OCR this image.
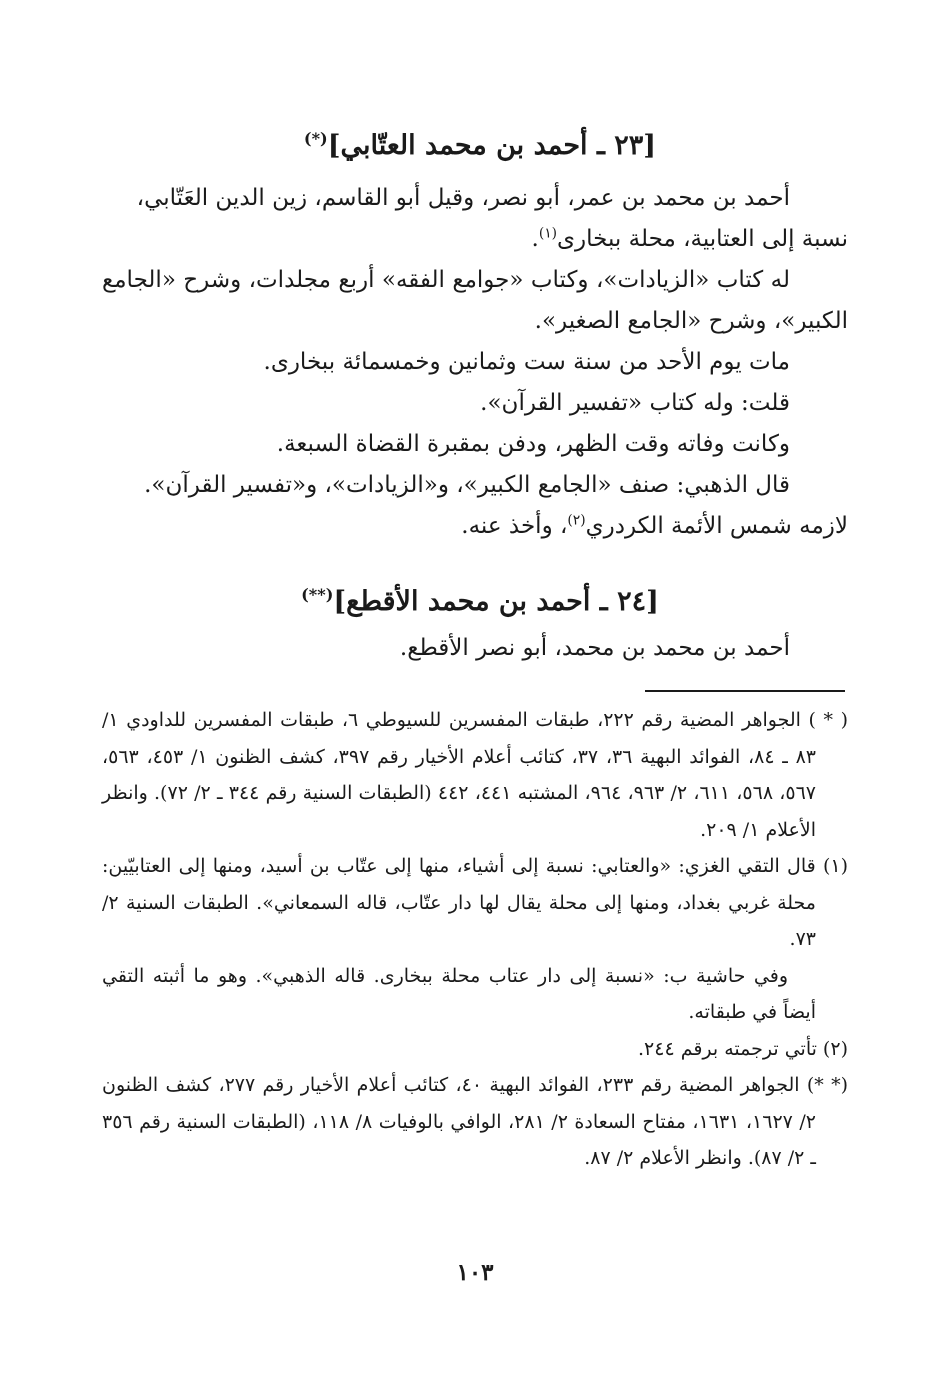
[٢٣ ـ أحمد بن محمد العتّابي](*)

أحمد بن محمد بن عمر، أبو نصر، وقيل أبو القاسم، زين الدين العَتّابي،

نسبة إلى العتابية، محلة ببخارى$^{(١)}$.

له كتاب «الزيادات»، وكتاب «جوامع الفقه» أربع مجلدات، وشرح «الجامع الكبير»، وشرح «الجامع الصغير».

مات يوم الأحد من سنة ست وثمانين وخمسمائة ببخارى.

قلت: وله كتاب «تفسير القرآن».

وكانت وفاته وقت الظهر، ودفن بمقبرة القضاة السبعة.

قال الذهبي: صنف «الجامع الكبير»، و«الزيادات»، و«تفسير القرآن».

لازمه شمس الأئمة الكردري$^{(٢)}$، وأخذ عنه.

[٢٤ ـ أحمد بن محمد الأقطع](**)

أحمد بن محمد بن محمد، أبو نصر الأقطع.

( * ) الجواهر المضية رقم ٢٢٢، طبقات المفسرين للسيوطي ٦، طبقات المفسرين للداودي ١/ ٨٣ ـ ٨٤، الفوائد البهية ٣٦، ٣٧، كتائب أعلام الأخيار رقم ٣٩٧، كشف الظنون ١/ ٤٥٣، ٥٦٣، ٥٦٧، ٥٦٨، ٦١١، ٢/ ٩٦٣، ٩٦٤، المشتبه ٤٤١، ٤٤٢ (الطبقات السنية رقم ٣٤٤ ـ ٢/ ٧٢). وانظر الأعلام ١/ ٢٠٩.

(١) قال التقي الغزي: «والعتابي: نسبة إلى أشياء، منها إلى عتّاب بن أسيد، ومنها إلى العتابيّين: محلة غربي بغداد، ومنها إلى محلة يقال لها دار عتّاب، قاله السمعاني». الطبقات السنية ٢/ ٧٣.

وفي حاشية ب: «نسبة إلى دار عتاب محلة ببخارى. قاله الذهبي». وهو ما أثبته التقي أيضاً في طبقاته.

(٢) تأتي ترجمته برقم ٢٤٤.

(* *) الجواهر المضية رقم ٢٣٣، الفوائد البهية ٤٠، كتائب أعلام الأخيار رقم ٢٧٧، كشف الظنون ٢/ ١٦٢٧، ١٦٣١، مفتاح السعادة ٢/ ٢٨١، الوافي بالوفيات ٨/ ١١٨، (الطبقات السنية رقم ٣٥٦ ـ ٢/ ٨٧). وانظر الأعلام ٢/ ٨٧.

١٠٣
